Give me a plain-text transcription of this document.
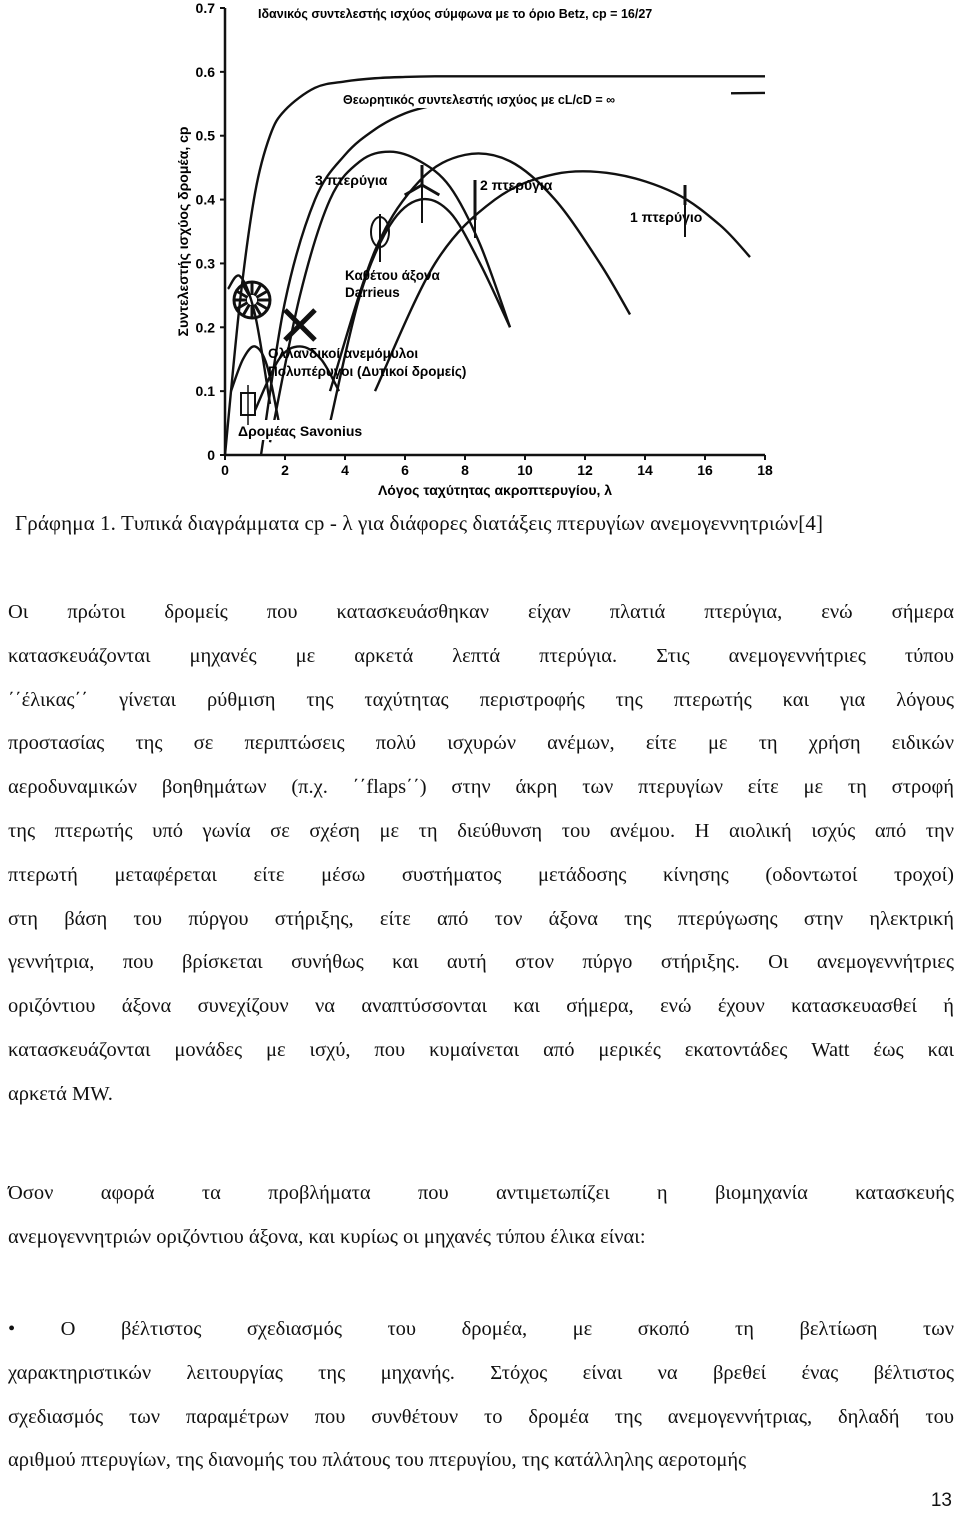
0	2	4	6	8	10	12	14	16	18
0
0.1
0.2
0.3
0.4
0.5
0.6
0.7
Λόγος ταχύτητας ακροπτερυγίου, λ
Συντελεστής ισχύος δρομέα, cp
Ιδανικός συντελεστής ισχύος σύμφωνα με το όριο Betz, cp = 16/27
Θεωρητικός συντελεστής ισχύος με cL/cD = ∞
3 πτερύγια	2 πτερύγια
1 πτερύγιο
Καθέτου άξονα
Darrieus
Ολλανδικοί ανεμόμυλοι
Πολυπέρυγοι (Δυτικοί δρομείς)
Δρομέας Savonius
Γράφημα 1. Τυπικά διαγράμματα cp - λ για διάφορες διατάξεις πτερυγίων ανεμογεννητριών[4]
Οι πρώτοι δρομείς που κατασκευάσθηκαν είχαν πλατιά πτερύγια, ενώ σήμερα
κατασκευάζονται μηχανές με αρκετά λεπτά πτερύγια. Στις ανεμογεννήτριες τύπου
΄΄έλικας΄΄ γίνεται ρύθμιση της ταχύτητας περιστροφής της πτερωτής και για λόγους
προστασίας της σε περιπτώσεις πολύ ισχυρών ανέμων, είτε με τη χρήση ειδικών
αεροδυναμικών βοηθημάτων (π.χ. ΄΄flaps΄΄) στην άκρη των πτερυγίων είτε με τη στροφή
της πτερωτής υπό γωνία σε σχέση με τη διεύθυνση του ανέμου. Η αιολική ισχύς από την
πτερωτή μεταφέρεται είτε μέσω συστήματος μετάδοσης κίνησης (οδοντωτοί τροχοί)
στη βάση του πύργου στήριξης, είτε από τον άξονα της πτερύγωσης στην ηλεκτρική
γεννήτρια, που βρίσκεται συνήθως και αυτή στον πύργο στήριξης. Οι ανεμογεννήτριες
οριζόντιου άξονα συνεχίζουν να αναπτύσσονται και σήμερα, ενώ έχουν κατασκευασθεί ή
κατασκευάζονται μονάδες με ισχύ, που κυμαίνεται από μερικές εκατοντάδες Watt έως και
αρκετά MW.
Όσον αφορά τα προβλήματα που αντιμετωπίζει η βιομηχανία κατασκευής
ανεμογεννητριών οριζόντιου άξονα, και κυρίως οι μηχανές τύπου έλικα είναι:
• Ο βέλτιστος σχεδιασμός του δρομέα, με σκοπό τη βελτίωση των
χαρακτηριστικών λειτουργίας της μηχανής. Στόχος είναι να βρεθεί ένας βέλτιστος
σχεδιασμός των παραμέτρων που συνθέτουν το δρομέα της ανεμογεννήτριας, δηλαδή του
αριθμού πτερυγίων, της διανομής του πλάτους του πτερυγίου, της κατάλληλης αεροτομής
13
